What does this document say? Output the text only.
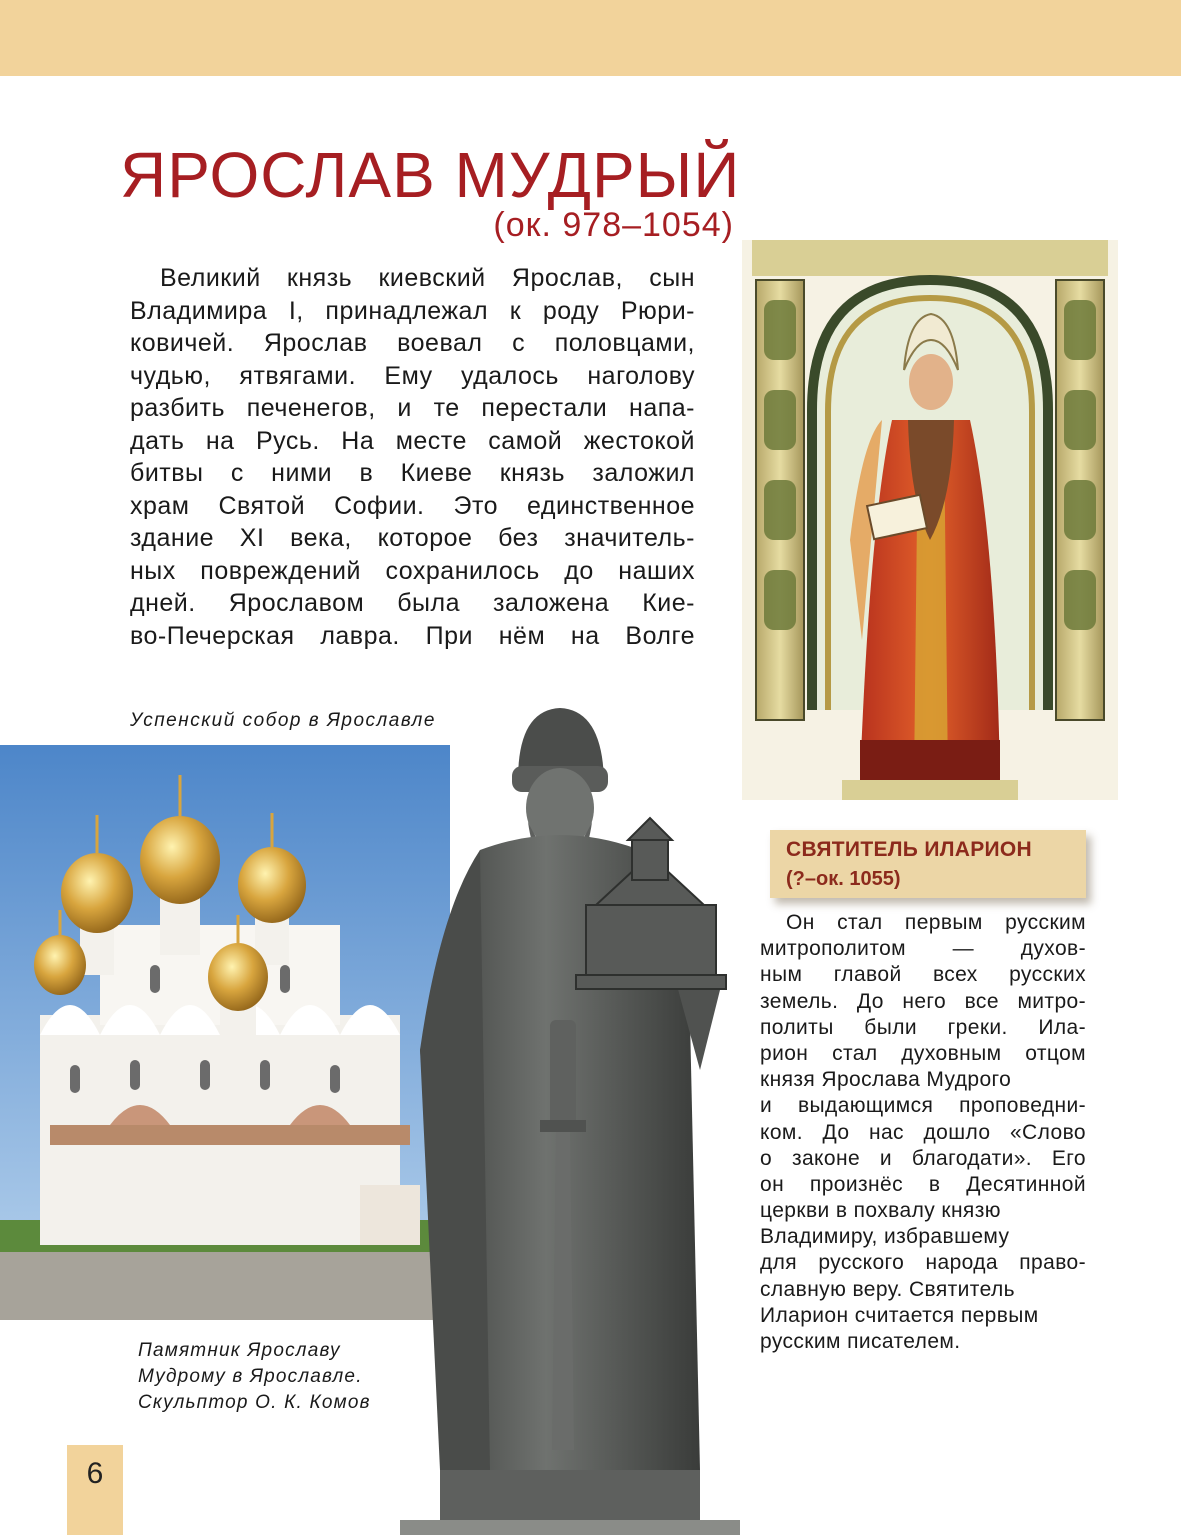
ЯРОСЛАВ МУДРЫЙ
(ок. 978–1054)
Великий князь киевский Ярослав, сын
Владимира I, принадлежал к роду Рюри-
ковичей. Ярослав воевал с половцами,
чудью, ятвягами. Ему удалось наголову
разбить печенегов, и те перестали напа-
дать на Русь. На месте самой жестокой
битвы с ними в Киеве князь заложил
храм Святой Софии. Это единственное
здание XI века, которое без значитель-
ных повреждений сохранилось до наших
дней. Ярославом была заложена Кие-
во-Печерская лавра. При нём на Волге
Успенский собор в Ярославле
Памятник Ярославу
Мудрому в Ярославле.
Скульптор О. К. Комов
6
СВЯТИТЕЛЬ ИЛАРИОН
(?–ок. 1055)
Он стал первым русским
митрополитом — духов-
ным главой всех русских
земель. До него все митро-
политы были греки. Ила-
рион стал духовным отцом
князя Ярослава Мудрого
и выдающимся проповедни-
ком. До нас дошло «Слово
о законе и благодати». Его
он произнёс в Десятинной
церкви в похвалу князю
Владимиру, избравшему
для русского народа право-
славную веру. Святитель
Иларион считается первым
русским писателем.
